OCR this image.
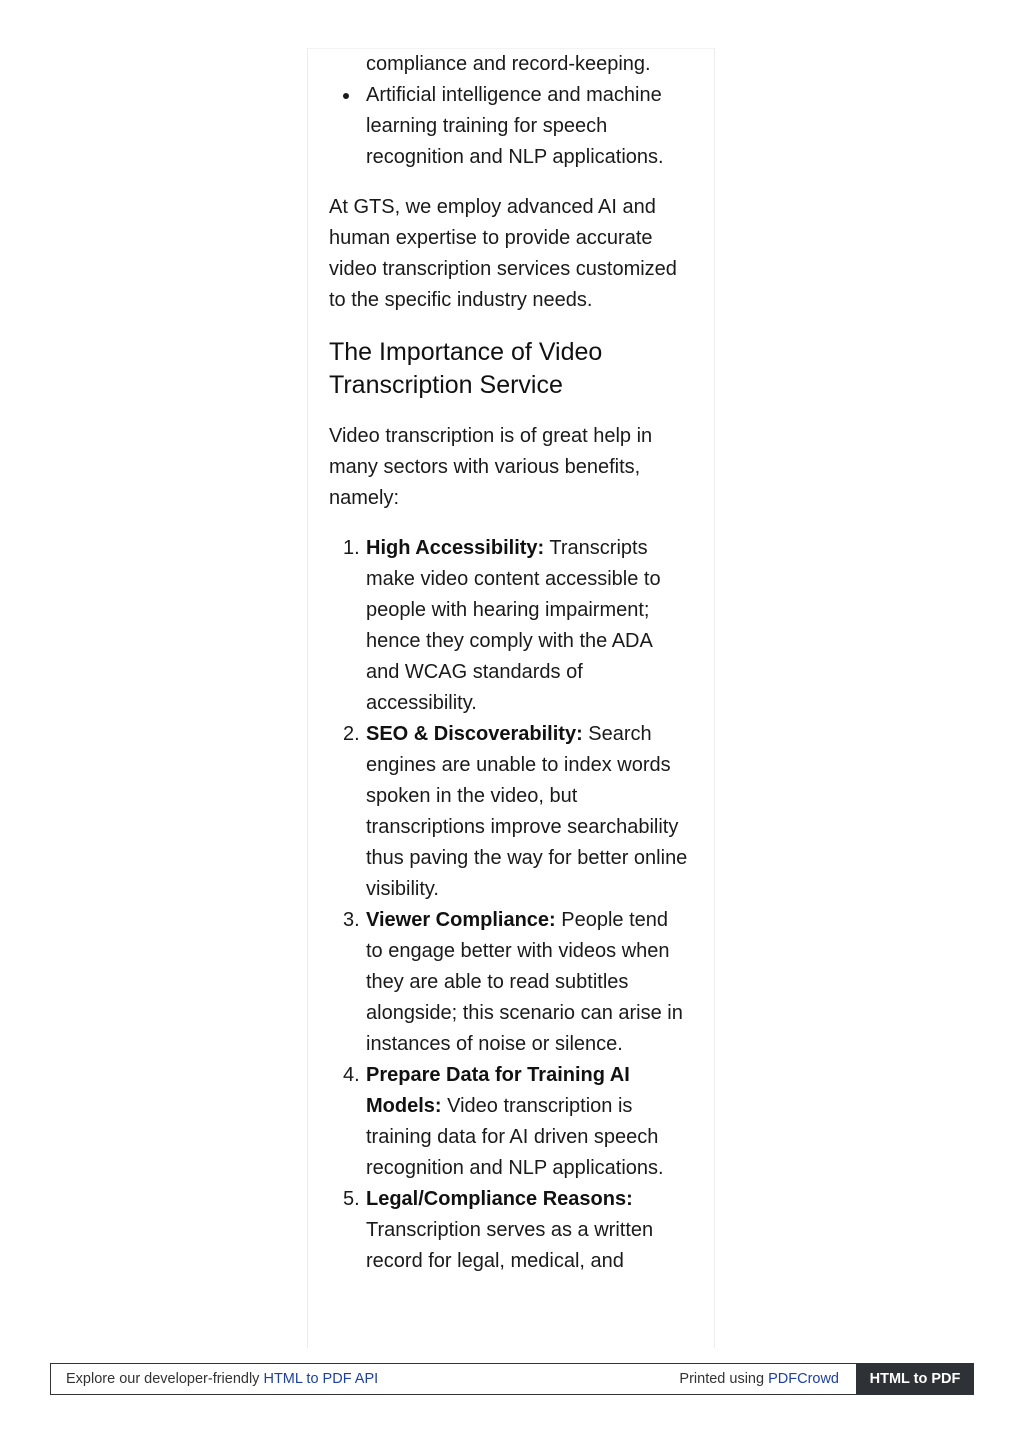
compliance and record-keeping.
Artificial intelligence and machine learning training for speech recognition and NLP applications.

At GTS, we employ advanced AI and human expertise to provide accurate video transcription services customized to the specific industry needs.

The Importance of Video Transcription Service

Video transcription is of great help in many sectors with various benefits, namely:

1. High Accessibility: Transcripts make video content accessible to people with hearing impairment; hence they comply with the ADA and WCAG standards of accessibility.
2. SEO & Discoverability: Search engines are unable to index words spoken in the video, but transcriptions improve searchability thus paving the way for better online visibility.
3. Viewer Compliance: People tend to engage better with videos when they are able to read subtitles alongside; this scenario can arise in instances of noise or silence.
4. Prepare Data for Training AI Models: Video transcription is training data for AI driven speech recognition and NLP applications.
5. Legal/Compliance Reasons: Transcription serves as a written record for legal, medical, and
Explore our developer-friendly HTML to PDF API	Printed using PDFCrowd	HTML to PDF
